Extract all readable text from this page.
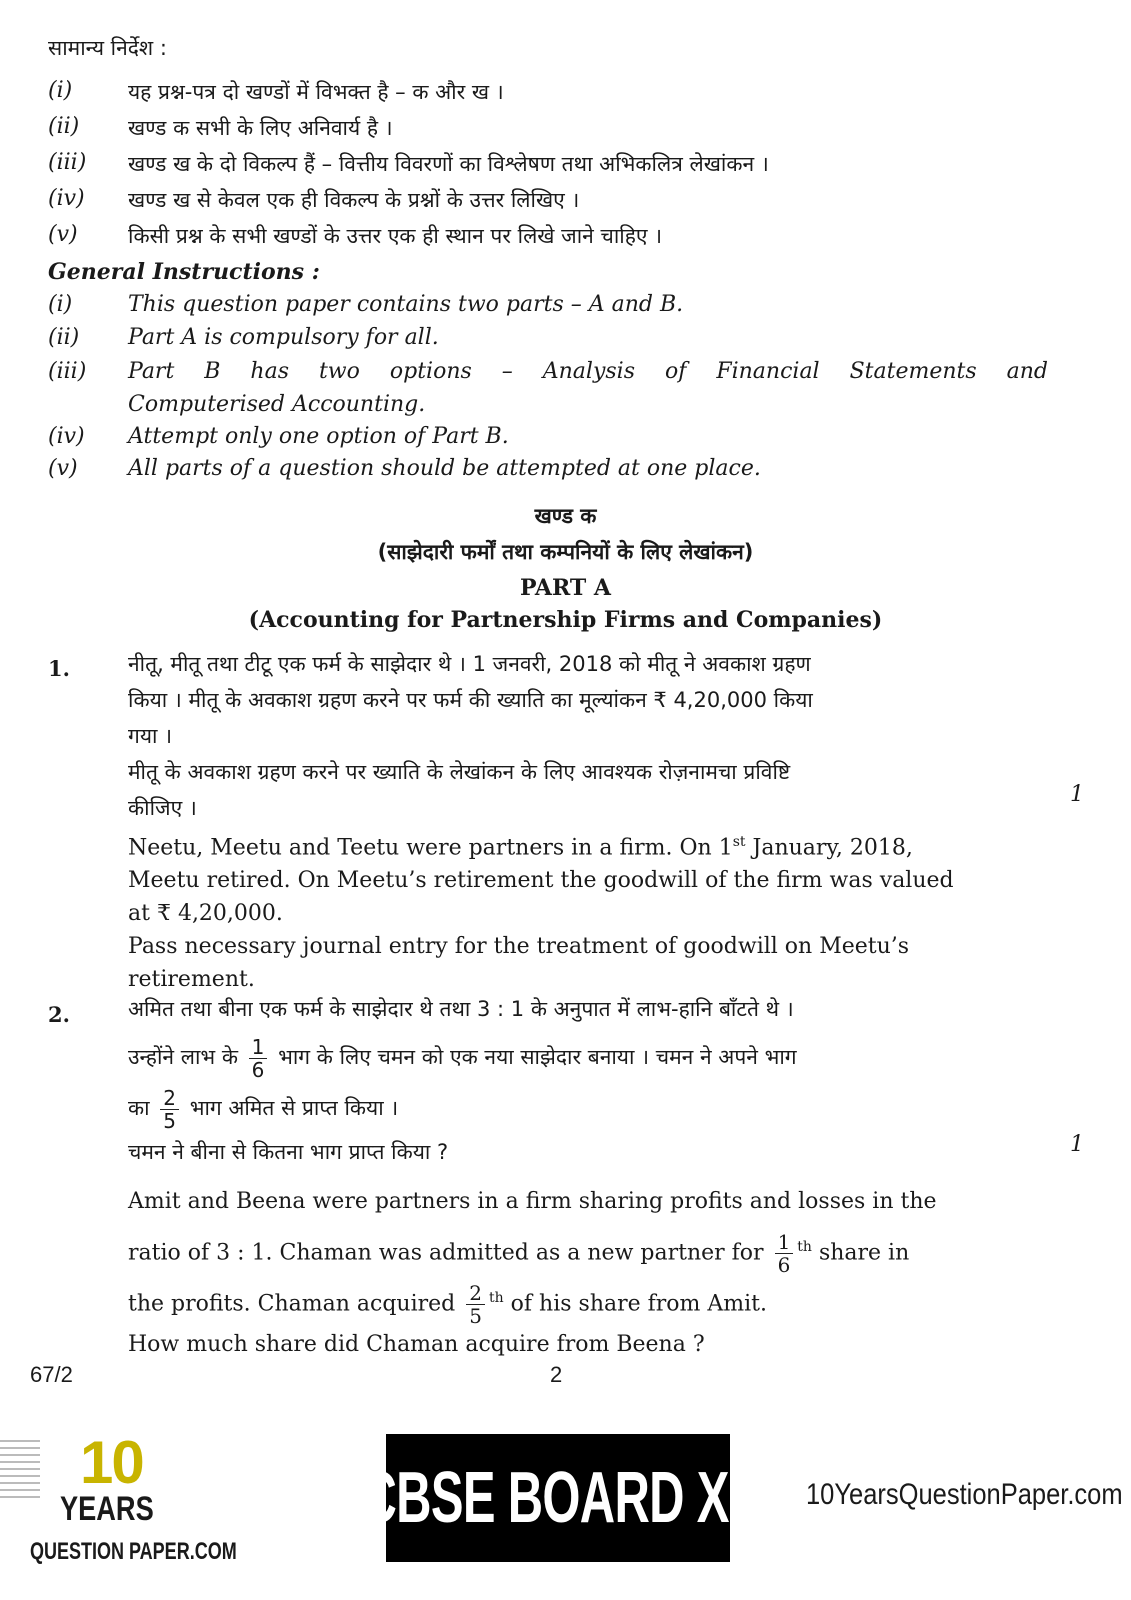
सामान्य निर्देश :
(i)	यह प्रश्न-पत्र दो खण्डों में विभक्त है – क और ख ।
(ii)	खण्ड क सभी के लिए अनिवार्य है ।
(iii)	खण्ड ख के दो विकल्प हैं – वित्तीय विवरणों का विश्लेषण तथा अभिकलित्र लेखांकन ।
(iv)	खण्ड ख से केवल एक ही विकल्प के प्रश्नों के उत्तर लिखिए ।
(v)	किसी प्रश्न के सभी खण्डों के उत्तर एक ही स्थान पर लिखे जाने चाहिए ।
General Instructions :
(i)	This question paper contains two parts – A and B.
(ii)	Part A is compulsory for all.
(iii)	Part B has two options – Analysis of Financial Statements and
Computerised Accounting.
(iv)	Attempt only one option of Part B.
(v)	All parts of a question should be attempted at one place.
खण्ड क
(साझेदारी फर्मों तथा कम्पनियों के लिए लेखांकन)
PART A
(Accounting for Partnership Firms and Companies)
1.	नीतू, मीतू तथा टीटू एक फर्म के साझेदार थे । 1 जनवरी, 2018 को मीतू ने अवकाश ग्रहण
किया । मीतू के अवकाश ग्रहण करने पर फर्म की ख्याति का मूल्यांकन ₹ 4,20,000 किया
गया ।
मीतू के अवकाश ग्रहण करने पर ख्याति के लेखांकन के लिए आवश्यक रोज़नामचा प्रविष्टि
कीजिए ।
Neetu, Meetu and Teetu were partners in a firm. On 1st January, 2018,
Meetu retired. On Meetu’s retirement the goodwill of the firm was valued
at ₹ 4,20,000.
Pass necessary journal entry for the treatment of goodwill on Meetu’s
retirement.
1
2.	अमित तथा बीना एक फर्म के साझेदार थे तथा 3 : 1 के अनुपात में लाभ-हानि बाँटते थे ।
उन्होंने लाभ के $\frac{1}{6}$ भाग के लिए चमन को एक नया साझेदार बनाया । चमन ने अपने भाग
का $\frac{2}{5}$ भाग अमित से प्राप्त किया ।
चमन ने बीना से कितना भाग प्राप्त किया ?
Amit and Beena were partners in a firm sharing profits and losses in the
ratio of 3 : 1. Chaman was admitted as a new partner for $\frac{1}{6} ^{th}$ share in
the profits. Chaman acquired $\frac{2}{5} ^{th}$ of his share from Amit.
How much share did Chaman acquire from Beena ?
1
67/2	2
10
YEARS
QUESTION PAPER.COM
CBSE BOARD XII 10YearsQuestionPaper.com
